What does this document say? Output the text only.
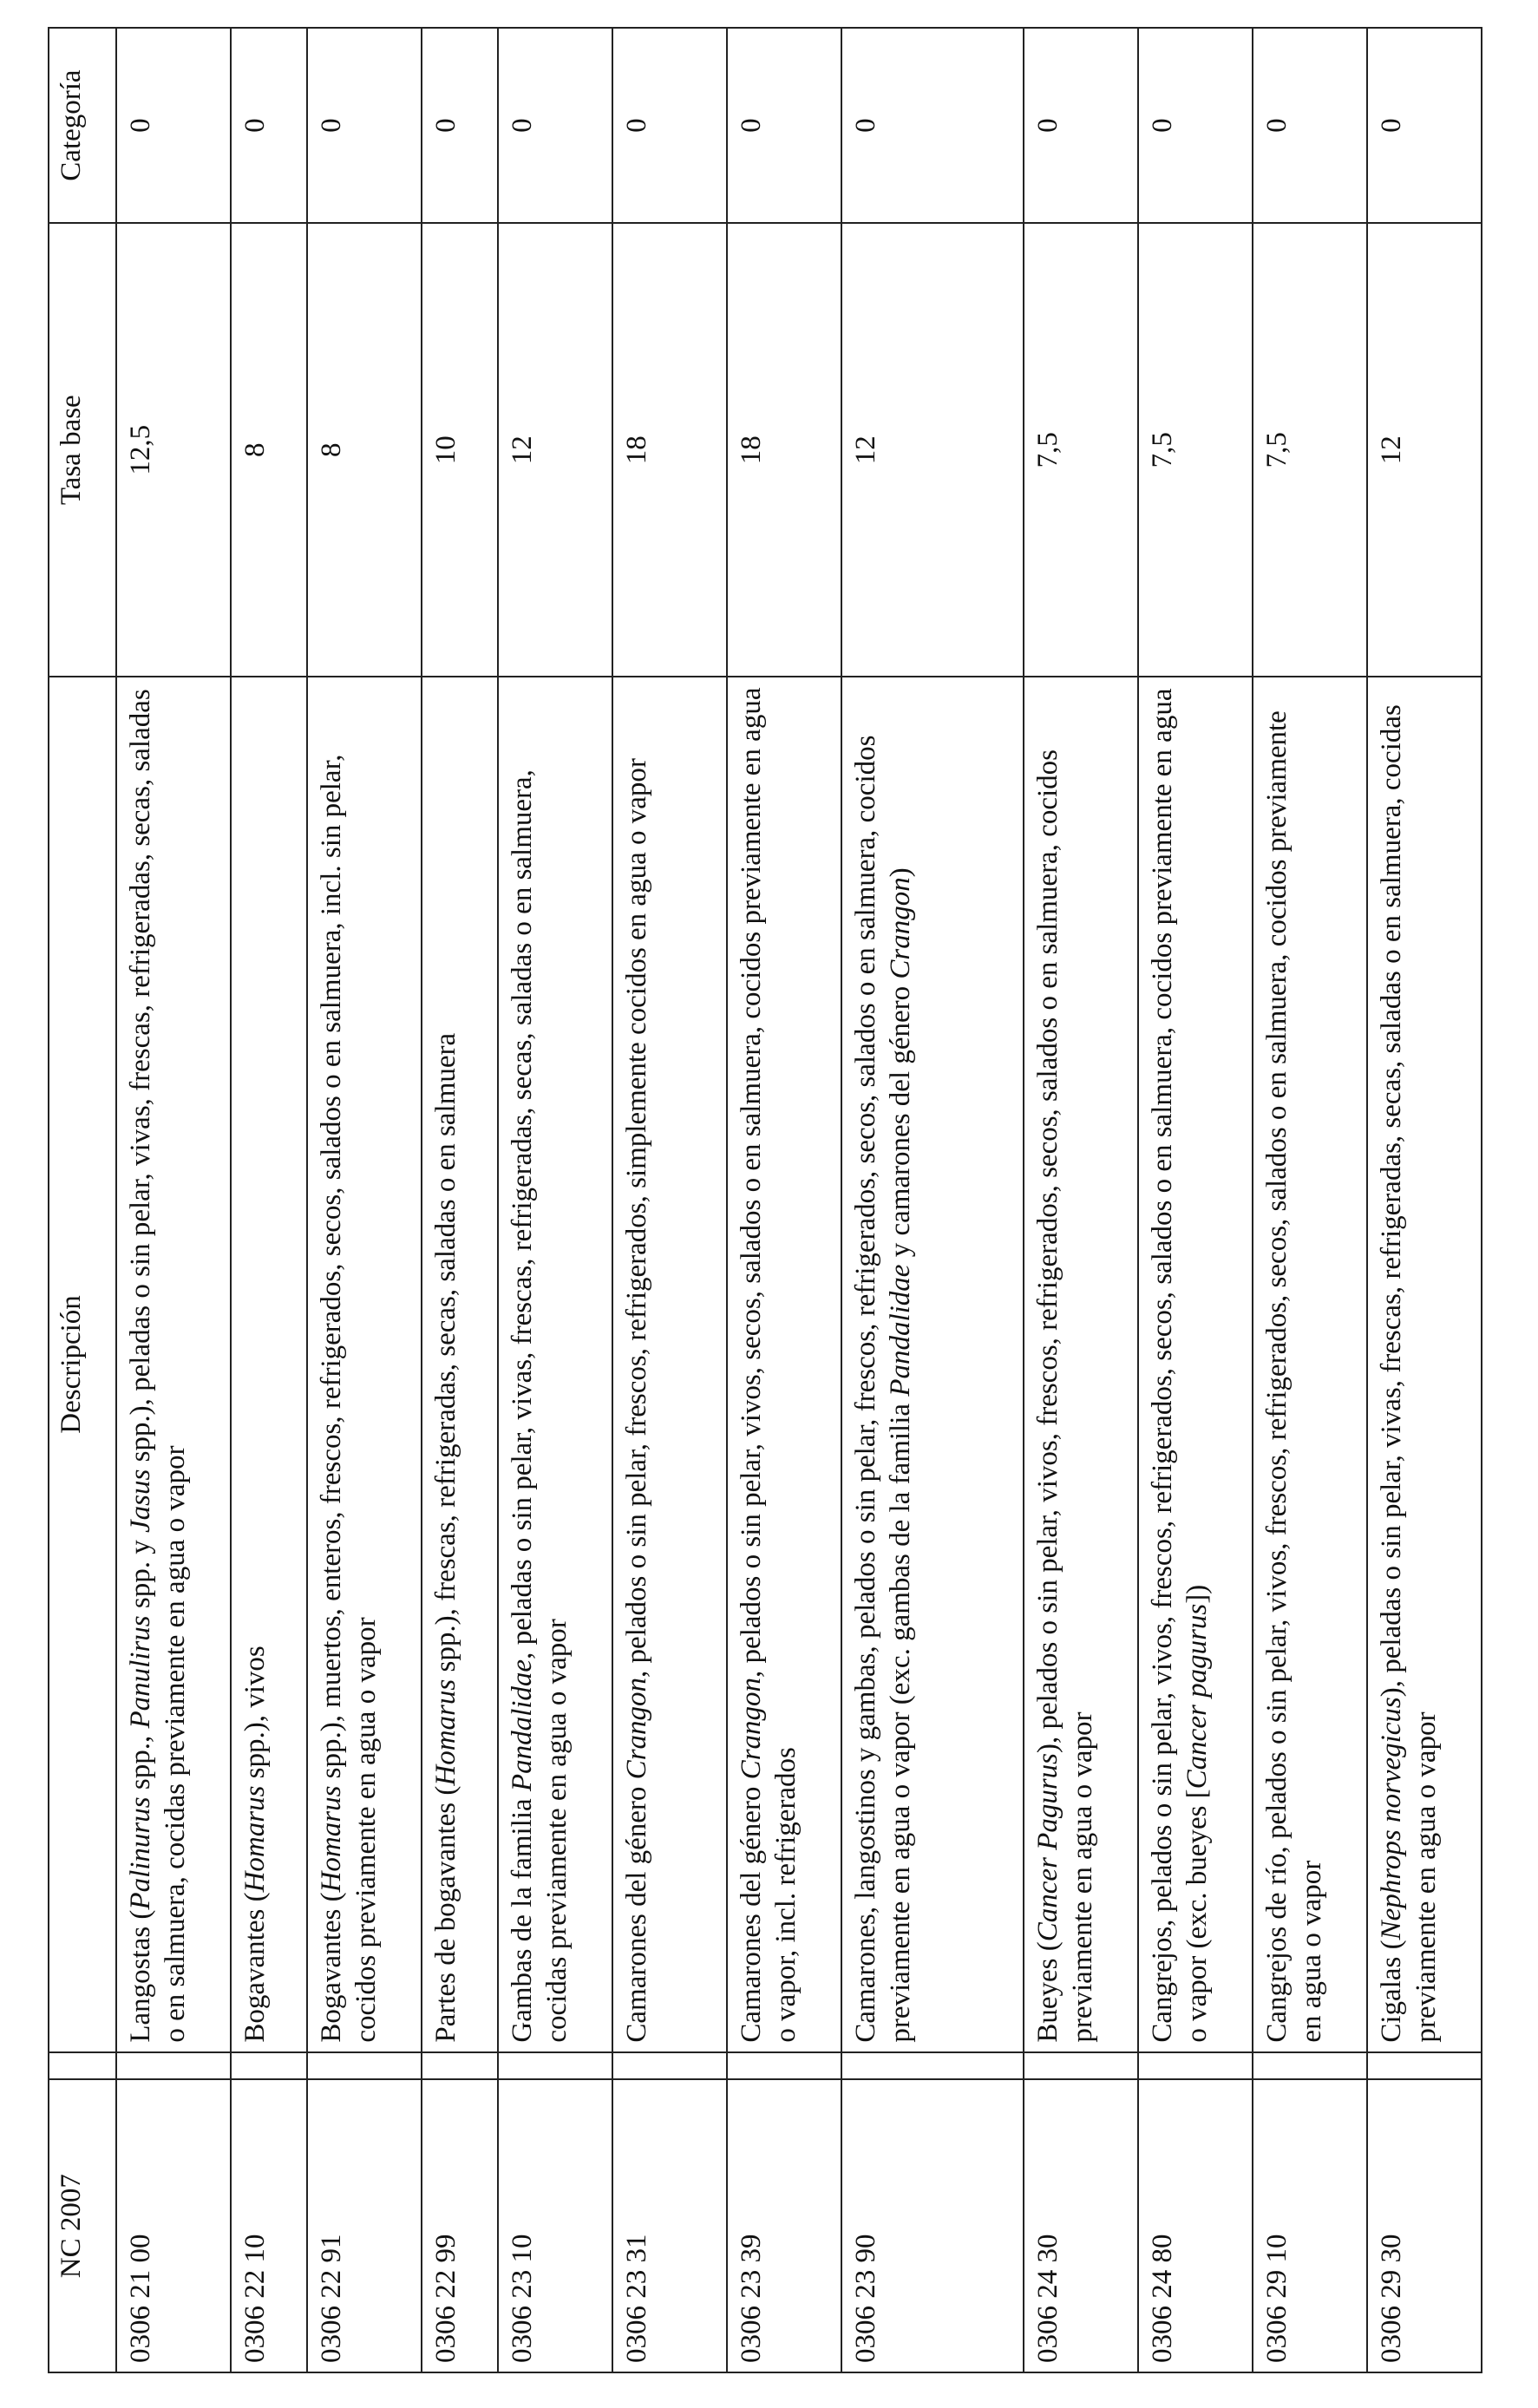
NC 2007		Descripción	Tasa base	Categoría
0306 21 00		Langostas (Palinurus spp., Panulirus spp. y Jasus spp.), peladas o sin pelar, vivas, frescas, refrigeradas, secas, saladas o en salmuera, cocidas previamente en agua o vapor	12,5	0
0306 22 10		Bogavantes (Homarus spp.), vivos	8	0
0306 22 91		Bogavantes (Homarus spp.), muertos, enteros, frescos, refrigerados, secos, salados o en salmuera, incl. sin pelar, cocidos previamente en agua o vapor	8	0
0306 22 99		Partes de bogavantes (Homarus spp.), frescas, refrigeradas, secas, saladas o en salmuera	10	0
0306 23 10		Gambas de la familia Pandalidae, peladas o sin pelar, vivas, frescas, refrigeradas, secas, saladas o en salmuera, cocidas previamente en agua o vapor	12	0
0306 23 31		Camarones del género Crangon, pelados o sin pelar, frescos, refrigerados, simplemente cocidos en agua o vapor	18	0
0306 23 39		Camarones del género Crangon, pelados o sin pelar, vivos, secos, salados o en salmuera, cocidos previamente en agua o vapor, incl. refrigerados	18	0
0306 23 90		Camarones, langostinos y gambas, pelados o sin pelar, frescos, refrigerados, secos, salados o en salmuera, cocidos previamente en agua o vapor (exc. gambas de la familia Pandalidae y camarones del género Crangon)	12	0
0306 24 30		Bueyes (Cancer Pagurus), pelados o sin pelar, vivos, frescos, refrigerados, secos, salados o en salmuera, cocidos previamente en agua o vapor	7,5	0
0306 24 80		Cangrejos, pelados o sin pelar, vivos, frescos, refrigerados, secos, salados o en salmuera, cocidos previamente en agua o vapor (exc. bueyes [Cancer pagurus])	7,5	0
0306 29 10		Cangrejos de río, pelados o sin pelar, vivos, frescos, refrigerados, secos, salados o en salmuera, cocidos previamente en agua o vapor	7,5	0
0306 29 30		Cigalas (Nephrops norvegicus), peladas o sin pelar, vivas, frescas, refrigeradas, secas, saladas o en salmuera, cocidas previamente en agua o vapor	12	0
